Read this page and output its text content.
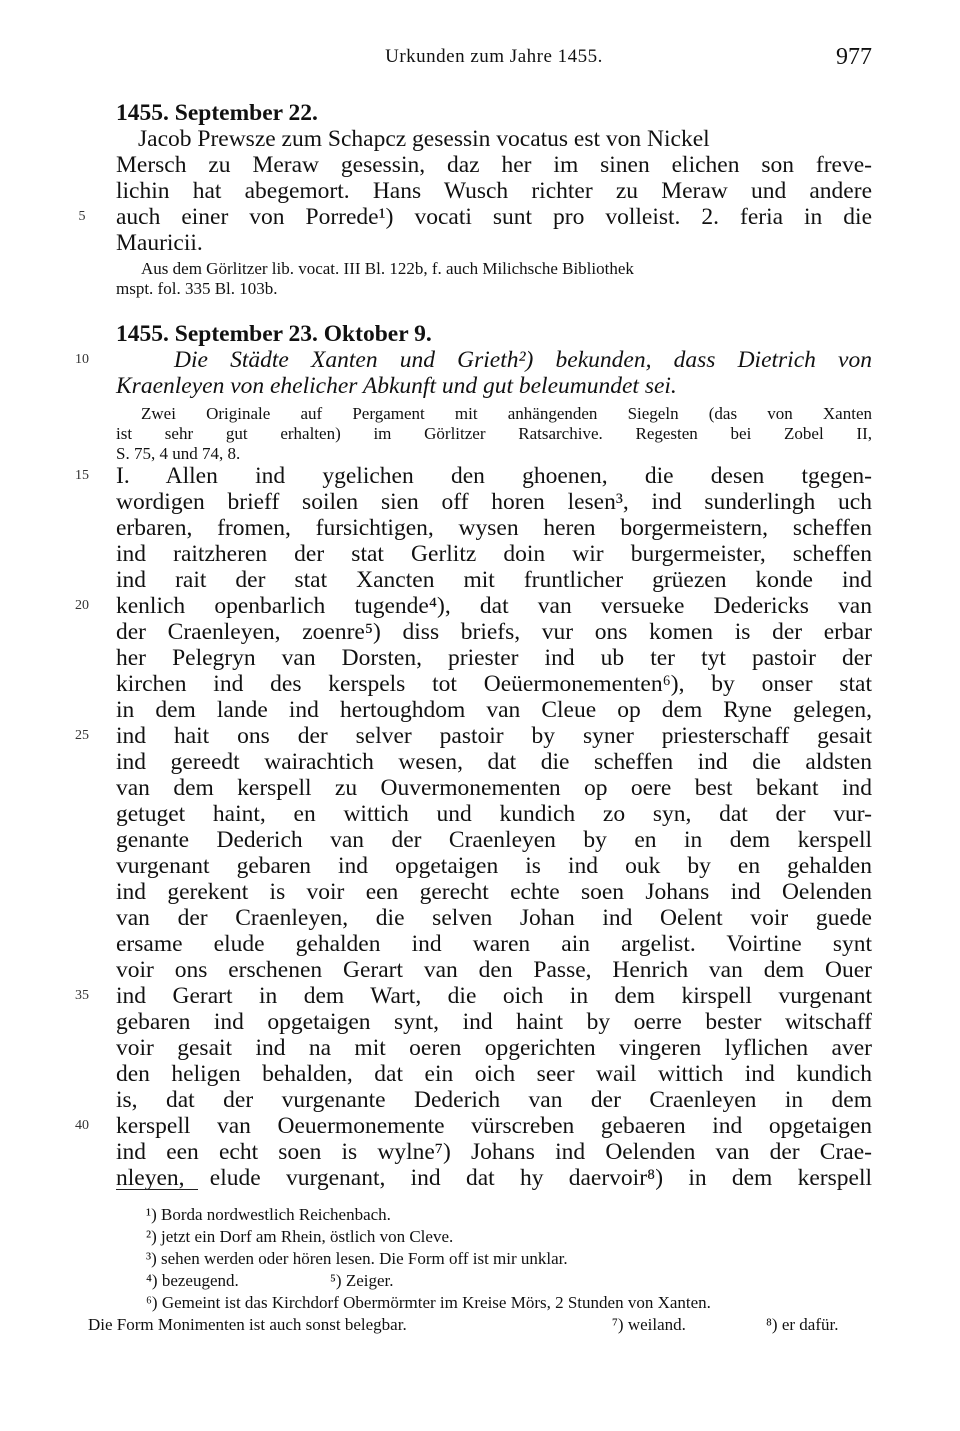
Urkunden zum Jahre 1455.	977
1455. September 22.
Jacob Prewsze zum Schapcz gesessin vocatus est von Nickel
Mersch zu Meraw gesessin, daz her im sinen elichen son freve-
lichin hat abegemort. Hans Wusch richter zu Meraw und andere
auch einer von Porrede¹) vocati sunt pro volleist. 2. feria in die
Mauricii.
Aus dem Görlitzer lib. vocat. III Bl. 122b, f. auch Milichsche Bibliothek
mspt. fol. 335 Bl. 103b.
1455. September 23. Oktober 9.
Die Städte Xanten und Grieth²) bekunden, dass Dietrich von
Kraenleyen von ehelicher Abkunft und gut beleumundet sei.
Zwei Originale auf Pergament mit anhängenden Siegeln (das von Xanten
ist sehr gut erhalten) im Görlitzer Ratsarchive. Regesten bei Zobel II,
S. 75, 4 und 74, 8.
I. Allen ind ygelichen den ghoenen, die desen tgegen-
wordigen brieff soilen sien off horen lesen³, ind sunderlingh uch
erbaren, fromen, fursichtigen, wysen heren borgermeistern, scheffen
ind raitzheren der stat Gerlitz doin wir burgermeister, scheffen
ind rait der stat Xancten mit fruntlicher grüezen konde ind
kenlich openbarlich tugende⁴), dat van versueke Dedericks van
der Craenleyen, zoenre⁵) diss briefs, vur ons komen is der erbar
her Pelegryn van Dorsten, priester ind ub ter tyt pastoir der
kirchen ind des kerspels tot Oeüermonementen⁶), by onser stat
in dem lande ind hertoughdom van Cleue op dem Ryne gelegen,
ind hait ons der selver pastoir by syner priesterschaff gesait
ind gereedt wairachtich wesen, dat die scheffen ind die aldsten
van dem kerspell zu Ouvermonementen op oere best bekant ind
getuget haint, en wittich und kundich zo syn, dat der vur-
genante Dederich van der Craenleyen by en in dem kerspell
vurgenant gebaren ind opgetaigen is ind ouk by en gehalden
ind gerekent is voir een gerecht echte soen Johans ind Oelenden
van der Craenleyen, die selven Johan ind Oelent voir guede
ersame elude gehalden ind waren ain argelist. Voirtine synt
voir ons erschenen Gerart van den Passe, Henrich van dem Ouer
ind Gerart in dem Wart, die oich in dem kirspell vurgenant
gebaren ind opgetaigen synt, ind haint by oerre bester witschaff
voir gesait ind na mit oeren opgerichten vingeren lyflichen aver
den heligen behalden, dat ein oich seer wail wittich ind kundich
is, dat der vurgenante Dederich van der Craenleyen in dem
kerspell van Oeuermonemente vürscreben gebaeren ind opgetaigen
ind een echt soen is wylne⁷) Johans ind Oelenden van der Crae-
nleyen, elude vurgenant, ind dat hy daervoir⁸) in dem kerspell
5
10
15
20
25
35
40
¹) Borda nordwestlich Reichenbach.
²) jetzt ein Dorf am Rhein, östlich von Cleve.
³) sehen werden oder hören lesen. Die Form off ist mir unklar.
⁴) bezeugend.	⁵) Zeiger.
⁶) Gemeint ist das Kirchdorf Obermörmter im Kreise Mörs, 2 Stunden von Xanten.
Die Form Monimenten ist auch sonst belegbar.	⁷) weiland.	⁸) er dafür.
